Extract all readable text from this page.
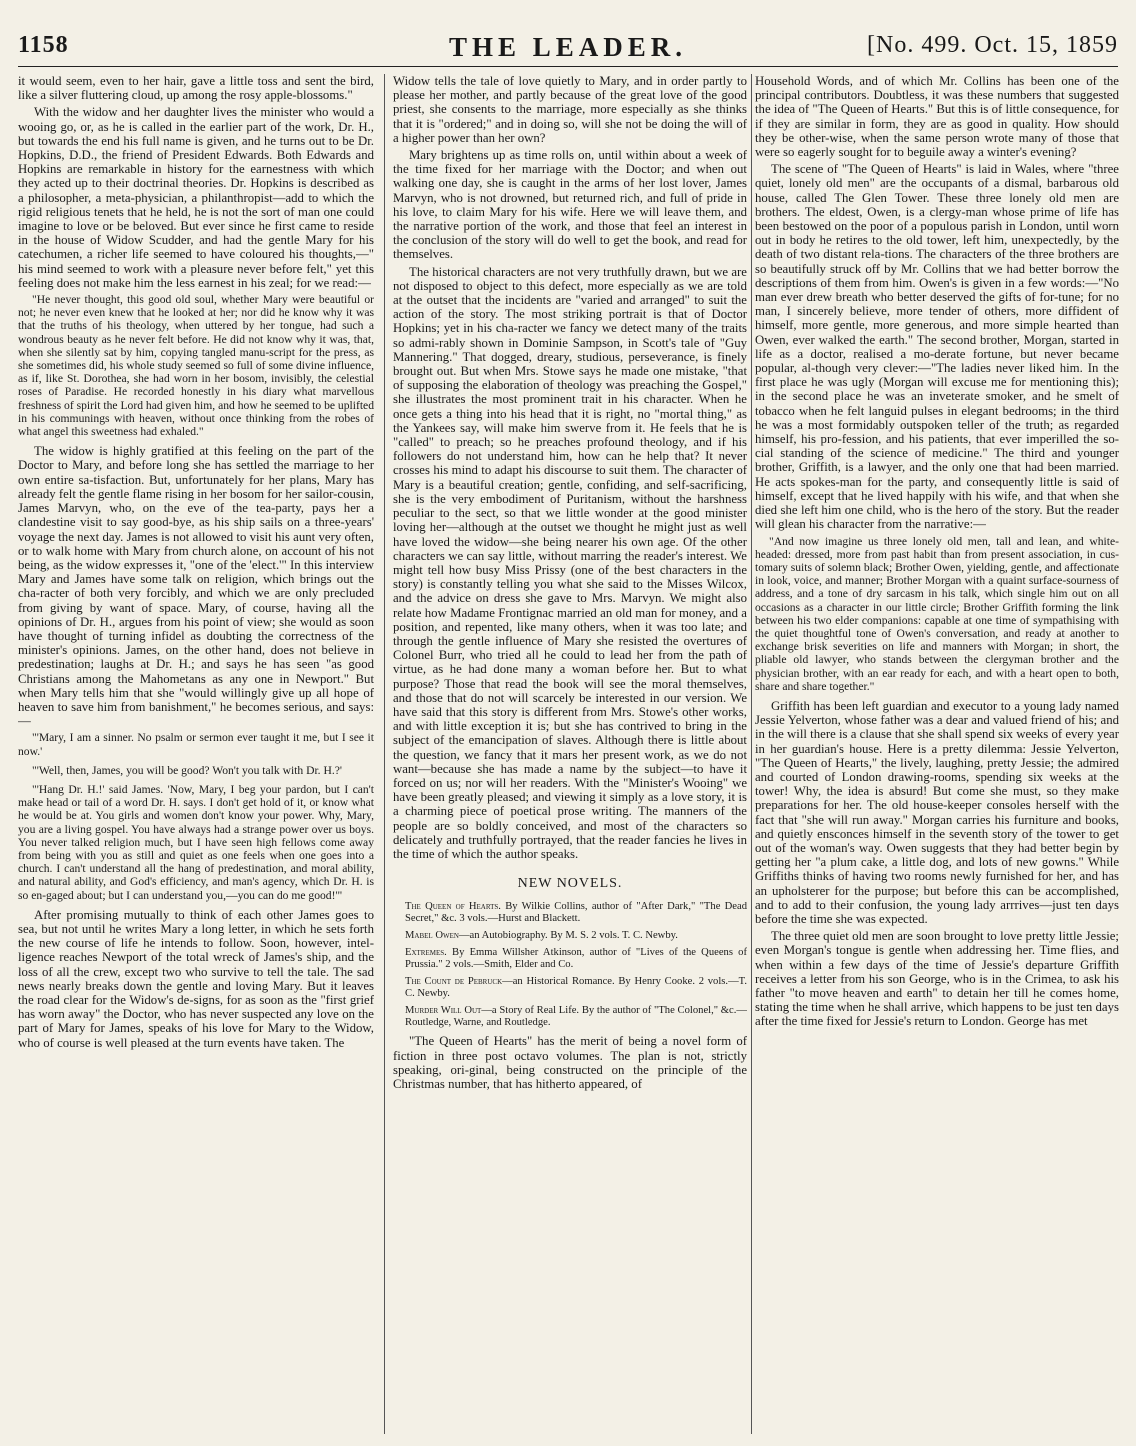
THE LEADER.
1158	[No. 499. Oct. 15, 1859

it would seem, even to her hair, gave a little toss and sent the bird, like a silver fluttering cloud, up among the rosy apple-blossoms."

With the widow and her daughter lives the minister who would a wooing go, or, as he is called in the earlier part of the work, Dr. H., but towards the end his full name is given, and he turns out to be Dr. Hopkins, D.D., the friend of President Edwards. Both Edwards and Hopkins are remarkable in history for the earnestness with which they acted up to their doctrinal theories. Dr. Hopkins is described as a philosopher, a meta-physician, a philanthropist—add to which the rigid religious tenets that he held, he is not the sort of man one could imagine to love or be beloved. But ever since he first came to reside in the house of Widow Scudder, and had the gentle Mary for his catechumen, a richer life seemed to have coloured his thoughts,—" his mind seemed to work with a pleasure never before felt," yet this feeling does not make him the less earnest in his zeal; for we read:—

"He never thought, this good old soul, whether Mary were beautiful or not; he never even knew that he looked at her; nor did he know why it was that the truths of his theology, when uttered by her tongue, had such a wondrous beauty as he never felt before. He did not know why it was, that, when she silently sat by him, copying tangled manu-script for the press, as she sometimes did, his whole study seemed so full of some divine influence, as if, like St. Dorothea, she had worn in her bosom, invisibly, the celestial roses of Paradise. He recorded honestly in his diary what marvellous freshness of spirit the Lord had given him, and how he seemed to be uplifted in his communings with heaven, without once thinking from the robes of what angel this sweetness had exhaled."

The widow is highly gratified at this feeling on the part of the Doctor to Mary, and before long she has settled the marriage to her own entire sa-tisfaction. But, unfortunately for her plans, Mary has already felt the gentle flame rising in her bosom for her sailor-cousin, James Marvyn, who, on the eve of the tea-party, pays her a clandestine visit to say good-bye, as his ship sails on a three-years' voyage the next day. James is not allowed to visit his aunt very often, or to walk home with Mary from church alone, on account of his not being, as the widow expresses it, "one of the 'elect.'" In this interview Mary and James have some talk on religion, which brings out the cha-racter of both very forcibly, and which we are only precluded from giving by want of space. Mary, of course, having all the opinions of Dr. H., argues from his point of view; she would as soon have thought of turning infidel as doubting the correctness of the minister's opinions. James, on the other hand, does not believe in predestination; laughs at Dr. H.; and says he has seen "as good Christians among the Mahometans as any one in Newport." But when Mary tells him that she "would willingly give up all hope of heaven to save him from banishment," he becomes serious, and says:—

"'Mary, I am a sinner. No psalm or sermon ever taught it me, but I see it now.'

"'Well, then, James, you will be good? Won't you talk with Dr. H.?'

"'Hang Dr. H.!' said James. 'Now, Mary, I beg your pardon, but I can't make head or tail of a word Dr. H. says. I don't get hold of it, or know what he would be at. You girls and women don't know your power. Why, Mary, you are a living gospel. You have always had a strange power over us boys. You never talked religion much, but I have seen high fellows come away from being with you as still and quiet as one feels when one goes into a church. I can't understand all the hang of predestination, and moral ability, and natural ability, and God's efficiency, and man's agency, which Dr. H. is so en-gaged about; but I can understand you,—you can do me good!'"

After promising mutually to think of each other James goes to sea, but not until he writes Mary a long letter, in which he sets forth the new course of life he intends to follow. Soon, however, intel-ligence reaches Newport of the total wreck of James's ship, and the loss of all the crew, except two who survive to tell the tale. The sad news nearly breaks down the gentle and loving Mary. But it leaves the road clear for the Widow's de-signs, for as soon as the "first grief has worn away" the Doctor, who has never suspected any love on the part of Mary for James, speaks of his love for Mary to the Widow, who of course is well pleased at the turn events have taken. The

Widow tells the tale of love quietly to Mary, and in order partly to please her mother, and partly because of the great love of the good priest, she consents to the marriage, more especially as she thinks that it is "ordered;" and in doing so, will she not be doing the will of a higher power than her own?

Mary brightens up as time rolls on, until within about a week of the time fixed for her marriage with the Doctor; and when out walking one day, she is caught in the arms of her lost lover, James Marvyn, who is not drowned, but returned rich, and full of pride in his love, to claim Mary for his wife. Here we will leave them, and the narrative portion of the work, and those that feel an interest in the conclusion of the story will do well to get the book, and read for themselves.

The historical characters are not very truthfully drawn, but we are not disposed to object to this defect, more especially as we are told at the outset that the incidents are "varied and arranged" to suit the action of the story. The most striking portrait is that of Doctor Hopkins; yet in his cha-racter we fancy we detect many of the traits so admi-rably shown in Dominie Sampson, in Scott's tale of "Guy Mannering." That dogged, dreary, studious, perseverance, is finely brought out. But when Mrs. Stowe says he made one mistake, "that of supposing the elaboration of theology was preaching the Gospel," she illustrates the most prominent trait in his character. When he once gets a thing into his head that it is right, no "mortal thing," as the Yankees say, will make him swerve from it. He feels that he is "called" to preach; so he preaches profound theology, and if his followers do not understand him, how can he help that? It never crosses his mind to adapt his discourse to suit them. The character of Mary is a beautiful creation; gentle, confiding, and self-sacrificing, she is the very embodiment of Puritanism, without the harshness peculiar to the sect, so that we little wonder at the good minister loving her—although at the outset we thought he might just as well have loved the widow—she being nearer his own age. Of the other characters we can say little, without marring the reader's interest. We might tell how busy Miss Prissy (one of the best characters in the story) is constantly telling you what she said to the Misses Wilcox, and the advice on dress she gave to Mrs. Marvyn. We might also relate how Madame Frontignac married an old man for money, and a position, and repented, like many others, when it was too late; and through the gentle influence of Mary she resisted the overtures of Colonel Burr, who tried all he could to lead her from the path of virtue, as he had done many a woman before her. But to what purpose? Those that read the book will see the moral themselves, and those that do not will scarcely be interested in our version. We have said that this story is different from Mrs. Stowe's other works, and with little exception it is; but she has contrived to bring in the subject of the emancipation of slaves. Although there is little about the question, we fancy that it mars her present work, as we do not want—because she has made a name by the subject—to have it forced on us; nor will her readers. With the "Minister's Wooing" we have been greatly pleased; and viewing it simply as a love story, it is a charming piece of poetical prose writing. The manners of the people are so boldly conceived, and most of the characters so delicately and truthfully portrayed, that the reader fancies he lives in the time of which the author speaks.

NEW NOVELS.

The Queen of Hearts. By Wilkie Collins, author of "After Dark," "The Dead Secret," &c. 3 vols.—Hurst and Blackett.

Mabel Owen—an Autobiography. By M. S. 2 vols. T. C. Newby.

Extremes. By Emma Willsher Atkinson, author of "Lives of the Queens of Prussia." 2 vols.—Smith, Elder and Co.

The Count de Pebruck—an Historical Romance. By Henry Cooke. 2 vols.—T. C. Newby.

Murder Will Out—a Story of Real Life. By the author of "The Colonel," &c.—Routledge, Warne, and Routledge.

"The Queen of Hearts" has the merit of being a novel form of fiction in three post octavo volumes. The plan is not, strictly speaking, ori-ginal, being constructed on the principle of the Christmas number, that has hitherto appeared, of

Household Words, and of which Mr. Collins has been one of the principal contributors. Doubtless, it was these numbers that suggested the idea of "The Queen of Hearts." But this is of little consequence, for if they are similar in form, they are as good in quality. How should they be other-wise, when the same person wrote many of those that were so eagerly sought for to beguile away a winter's evening?

The scene of "The Queen of Hearts" is laid in Wales, where "three quiet, lonely old men" are the occupants of a dismal, barbarous old house, called The Glen Tower. These three lonely old men are brothers. The eldest, Owen, is a clergy-man whose prime of life has been bestowed on the poor of a populous parish in London, until worn out in body he retires to the old tower, left him, unexpectedly, by the death of two distant rela-tions. The characters of the three brothers are so beautifully struck off by Mr. Collins that we had better borrow the descriptions of them from him. Owen's is given in a few words:—"No man ever drew breath who better deserved the gifts of for-tune; for no man, I sincerely believe, more tender of others, more diffident of himself, more gentle, more generous, and more simple hearted than Owen, ever walked the earth." The second brother, Morgan, started in life as a doctor, realised a mo-derate fortune, but never became popular, al-though very clever:—"The ladies never liked him. In the first place he was ugly (Morgan will excuse me for mentioning this); in the second place he was an inveterate smoker, and he smelt of tobacco when he felt languid pulses in elegant bedrooms; in the third he was a most formidably outspoken teller of the truth; as regarded himself, his pro-fession, and his patients, that ever imperilled the so-cial standing of the science of medicine." The third and younger brother, Griffith, is a lawyer, and the only one that had been married. He acts spokes-man for the party, and consequently little is said of himself, except that he lived happily with his wife, and that when she died she left him one child, who is the hero of the story. But the reader will glean his character from the narrative:—

"And now imagine us three lonely old men, tall and lean, and white-headed: dressed, more from past habit than from present association, in cus-tomary suits of solemn black; Brother Owen, yielding, gentle, and affectionate in look, voice, and manner; Brother Morgan with a quaint surface-sourness of address, and a tone of dry sarcasm in his talk, which single him out on all occasions as a character in our little circle; Brother Griffith forming the link between his two elder companions: capable at one time of sympathising with the quiet thoughtful tone of Owen's conversation, and ready at another to exchange brisk severities on life and manners with Morgan; in short, the pliable old lawyer, who stands between the clergyman brother and the physician brother, with an ear ready for each, and with a heart open to both, share and share together."

Griffith has been left guardian and executor to a young lady named Jessie Yelverton, whose father was a dear and valued friend of his; and in the will there is a clause that she shall spend six weeks of every year in her guardian's house. Here is a pretty dilemma: Jessie Yelverton, "The Queen of Hearts," the lively, laughing, pretty Jessie; the admired and courted of London drawing-rooms, spending six weeks at the tower! Why, the idea is absurd! But come she must, so they make preparations for her. The old house-keeper consoles herself with the fact that "she will run away." Morgan carries his furniture and books, and quietly ensconces himself in the seventh story of the tower to get out of the woman's way. Owen suggests that they had better begin by getting her "a plum cake, a little dog, and lots of new gowns." While Griffiths thinks of having two rooms newly furnished for her, and has an upholsterer for the purpose; but before this can be accomplished, and to add to their confusion, the young lady arrrives—just ten days before the time she was expected.

The three quiet old men are soon brought to love pretty little Jessie; even Morgan's tongue is gentle when addressing her. Time flies, and when within a few days of the time of Jessie's departure Griffith receives a letter from his son George, who is in the Crimea, to ask his father "to move heaven and earth" to detain her till he comes home, stating the time when he shall arrive, which happens to be just ten days after the time fixed for Jessie's return to London. George has met
